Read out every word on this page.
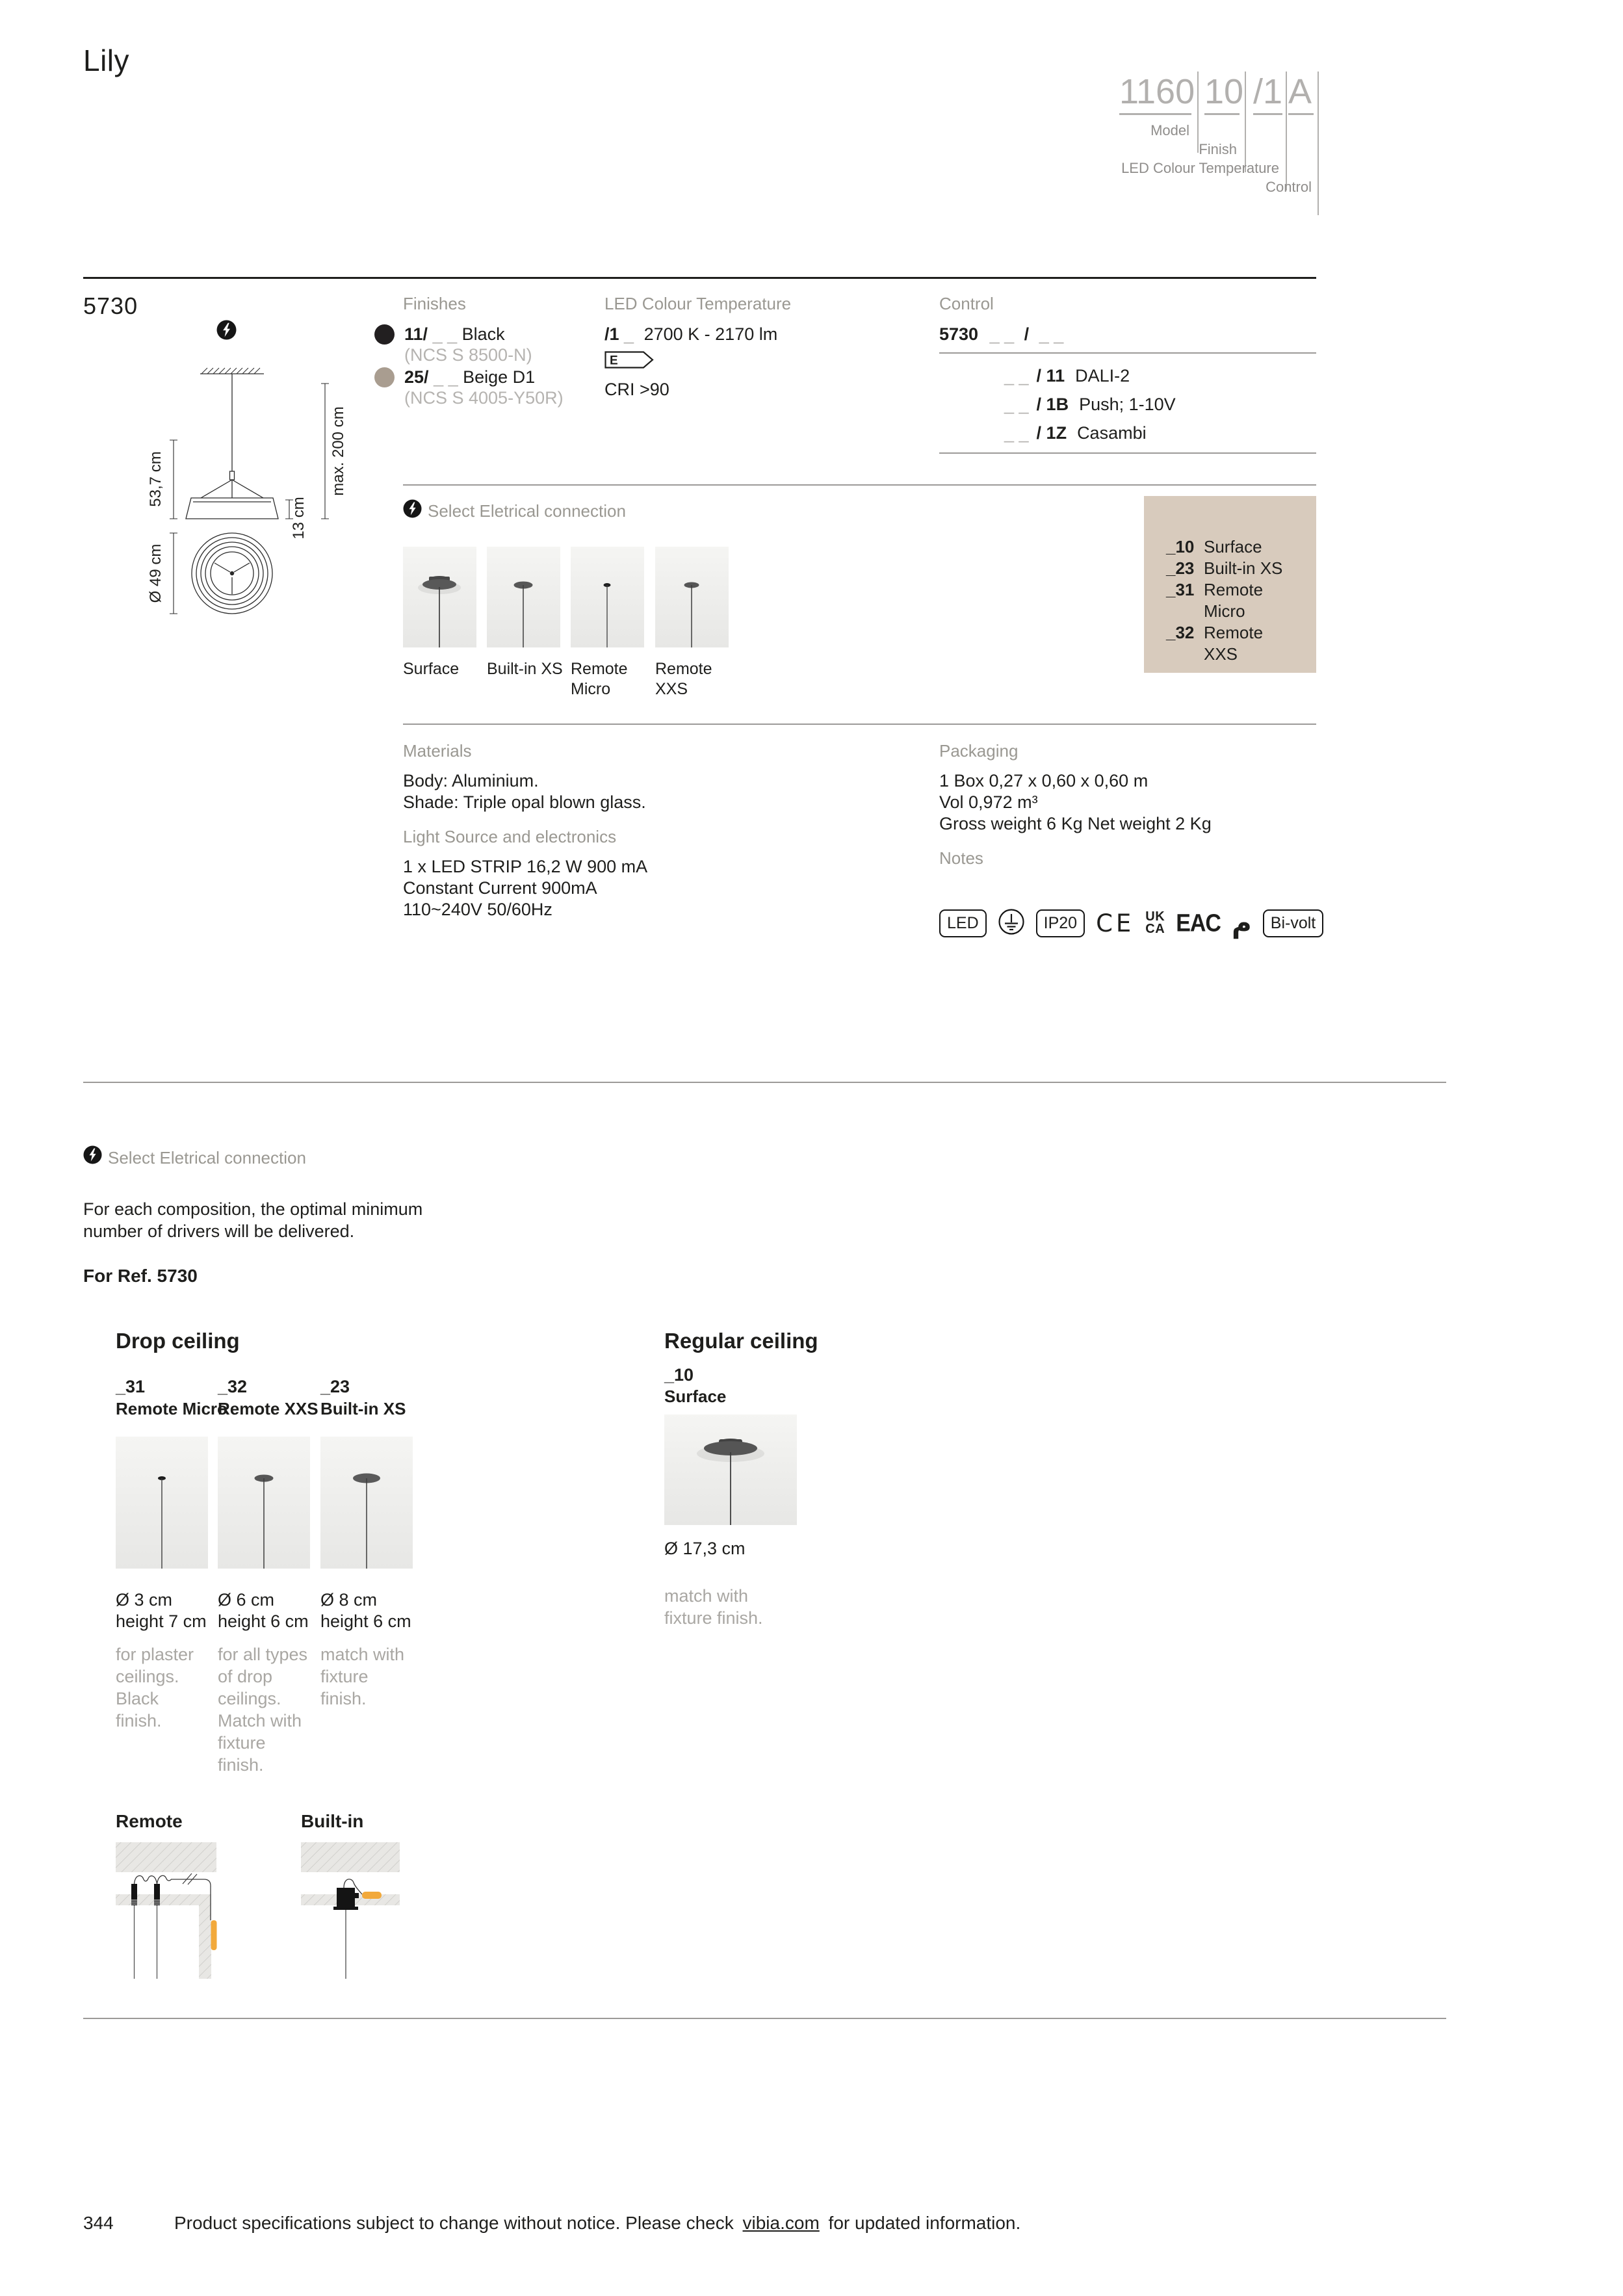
Lily
1160 10 /1 A
Model
Finish
LED Colour Temperature
Control
5730
53,7 cm
13 cm
max. 200 cm
Ø 49 cm
Finishes
11/ _ _ Black
(NCS S 8500-N)
25/ _ _ Beige D1
(NCS S 4005-Y50R)
LED Colour Temperature
/1 _ 2700 K - 2170 lm
E
CRI >90
Control
5730 _ _ / _ _
_ _ / 11 DALI-2
_ _ / 1B Push; 1-10V
_ _ / 1Z Casambi
Select Eletrical connection
Surface Built-in XS Remote
Micro
Remote
XXS
_10 Surface
_23 Built-in XS
_31 Remote
Micro
_32 Remote
XXS
Materials
Body: Aluminium.
Shade: Triple opal blown glass.
Light Source and electronics
1 x LED STRIP 16,2 W 900 mA
Constant Current 900mA
110~240V 50/60Hz
Packaging
1 Box 0,27 x 0,60 x 0,60 m
Vol 0,972 m³
Gross weight 6 Kg Net weight 2 Kg
Notes
LED	IP20 CE UK
CA EAC م	Bi-volt
Select Eletrical connection
For each composition, the optimal minimum number of drivers will be delivered.
For Ref. 5730
Drop ceiling	Regular ceiling
_31
Remote Micro
Ø 3 cm
height 7 cm
for plaster ceilings. Black finish.
_32
Remote XXS
Ø 6 cm
height 6 cm
for all types of drop ceilings. Match with fixture finish.
_23
Built-in XS
Ø 8 cm
height 6 cm
match with fixture finish.
_10
Surface
Ø 17,3 cm
match with fixture finish.
Remote	Built-in
344	Product specifications subject to change without notice. Please check vibia.com for updated information.
